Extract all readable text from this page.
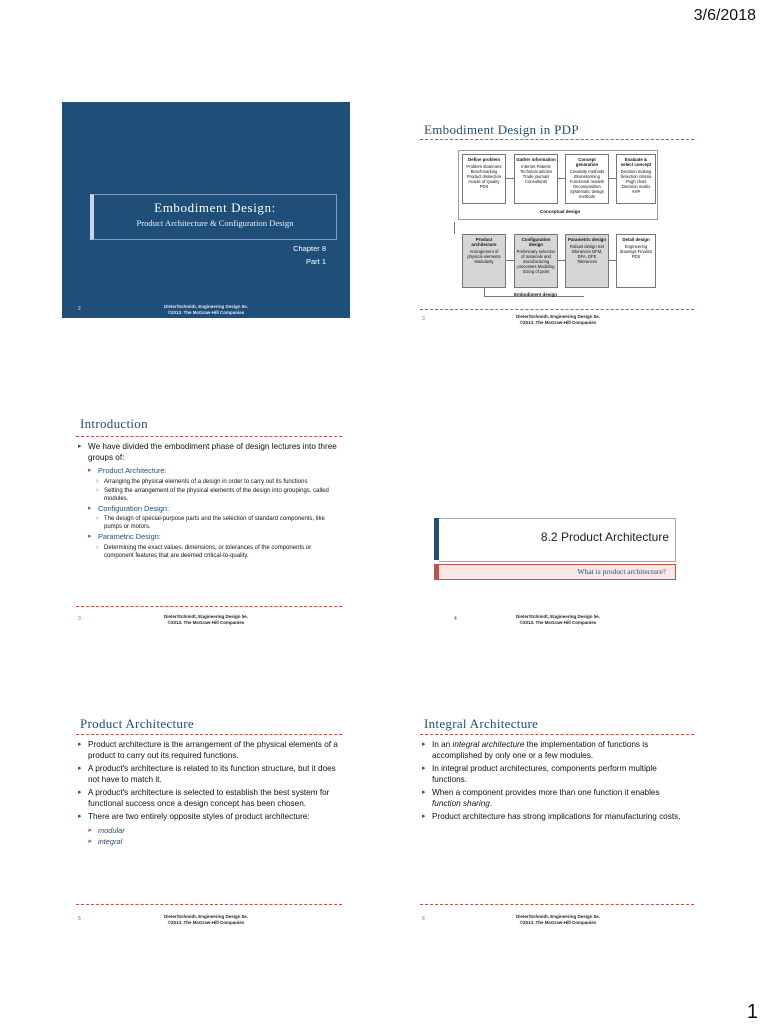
3/6/2018
1
Embodiment Design:
Product Architecture & Configuration Design
Chapter 8
Part 1
2	Dieter/Schmidt, Engineering Design 5e.
©2013. The McGraw-Hill Companies
Embodiment Design in PDP
Define problem
Problem statement Benchmarking Product dissection House of Quality PDS
Gather information
Internet Patents Technical articles Trade journals Consultants
Concept generation
Creativity methods Brainstorming Functional models Decomposition Systematic design methods
Evaluate & select concept
Decision making Selection criteria Pugh chart Decision matrix AHP
Conceptual design
Product architecture
Arrangement of physical elements Modularity
Configuration design
Preliminary selection of materials and manufacturing processes Modeling Sizing of parts
Parametric design
Robust design Set tolerances DFM, DFA, DFE Tolerances
Detail design
Engineering drawings Finalize PDS
Embodiment design
3	Dieter/Schmidt, Engineering Design 5e.
©2013. The McGraw-Hill Companies
Introduction
▸ We have divided the embodiment phase of design lectures into three groups of:
▸ Product Architecture:
› Arranging the physical elements of a design in order to carry out its functions
› Setting the arrangement of the physical elements of the design into groupings, called modules.
▸ Configuration Design:
› The design of special-purpose parts and the selection of standard components, like pumps or motors.
▸ Parametric Design:
› Determining the exact values, dimensions, or tolerances of the components or component features that are deemed critical-to-quality.
3	Dieter/Schmidt, Engineering Design 5e.
©2013. The McGraw-Hill Companies
8.2 Product Architecture
What is product architecture?
4	Dieter/Schmidt, Engineering Design 5e.
©2013. The McGraw-Hill Companies
Product Architecture
▸ Product architecture is the arrangement of the physical elements of a product to carry out its required functions.
▸ A product's architecture is related to its function structure, but it does not have to match it.
▸ A product's architecture is selected to establish the best system for functional success once a design concept has been chosen.
▸ There are two entirely opposite styles of product architecture:
▸ modular
▸ integral
5	Dieter/Schmidt, Engineering Design 5e.
©2013. The McGraw-Hill Companies
Integral Architecture
▸ In an integral architecture the implementation of functions is accomplished by only one or a few modules.
▸ In integral product architectures, components perform multiple functions.
▸ When a component provides more than one function it enables function sharing.
▸ Product architecture has strong implications for manufacturing costs.
6	Dieter/Schmidt, Engineering Design 5e.
©2013. The McGraw-Hill Companies
